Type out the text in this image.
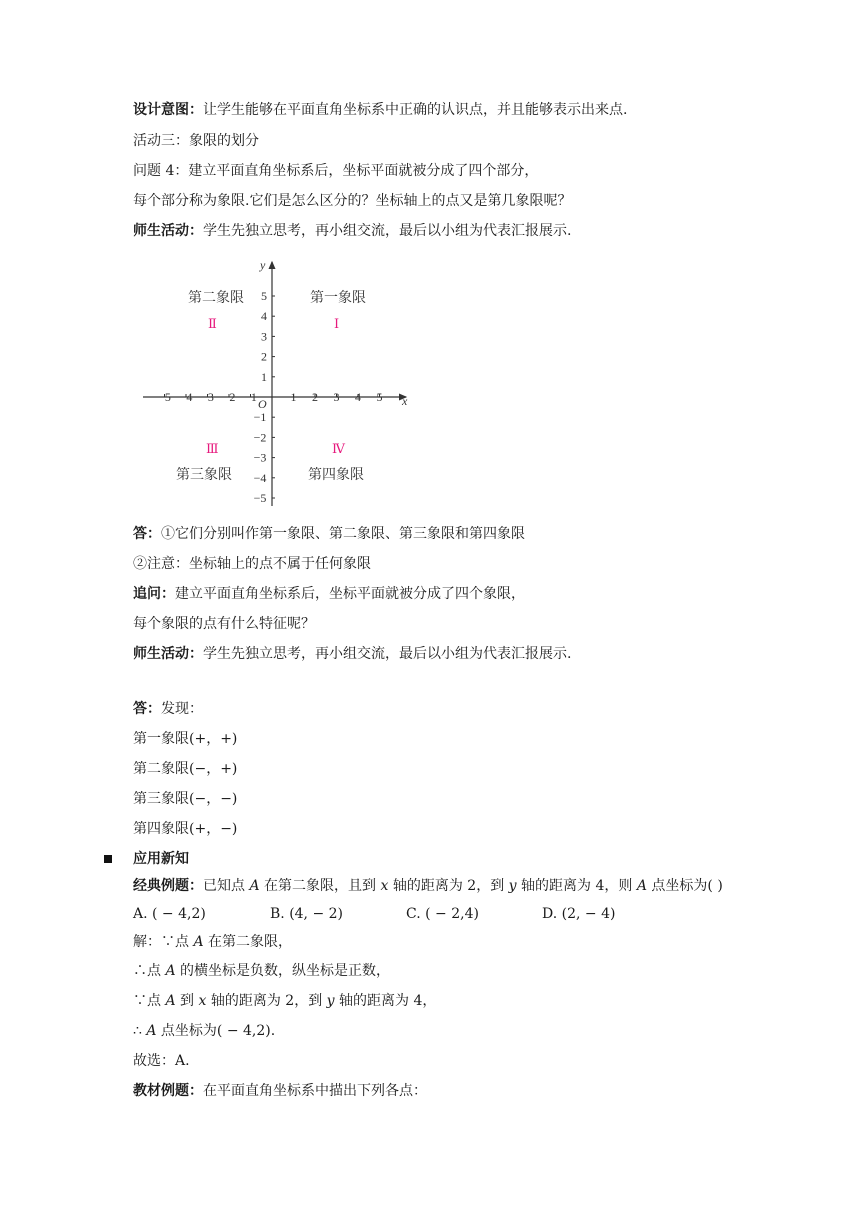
设计意图：让学生能够在平面直角坐标系中正确的认识点，并且能够表示出来点.
活动三：象限的划分
问题 4：建立平面直角坐标系后，坐标平面就被分成了四个部分，
每个部分称为象限.它们是怎么区分的？坐标轴上的点又是第几象限呢？
师生活动：学生先独立思考，再小组交流，最后以小组为代表汇报展示.
x
y
O
−5 −4 −3 −2 −1	1 2 3 4 5
1
2
3
4
5
−1
−2
−3
−4
−5
第二象限	第一象限
Ⅱ	Ⅰ
Ⅲ	Ⅳ
第三象限	第四象限
答：①它们分别叫作第一象限、第二象限、第三象限和第四象限
②注意：坐标轴上的点不属于任何象限
追问：建立平面直角坐标系后，坐标平面就被分成了四个象限，
每个象限的点有什么特征呢？
师生活动：学生先独立思考，再小组交流，最后以小组为代表汇报展示.
答：发现：
第一象限(+，+)
第二象限(−，+)
第三象限(−，−)
第四象限(+，−)
应用新知
经典例题：已知点 A 在第二象限，且到 x 轴的距离为 2，到 y 轴的距离为 4，则 A 点坐标为( )
A. ( − 4,2)	B. (4, − 2)	C. ( − 2,4)	D. (2, − 4)
解：∵点 A 在第二象限，
∴点 A 的横坐标是负数，纵坐标是正数，
∵点 A 到 x 轴的距离为 2，到 y 轴的距离为 4，
∴ A 点坐标为( − 4,2).
故选：A.
教材例题：在平面直角坐标系中描出下列各点：
